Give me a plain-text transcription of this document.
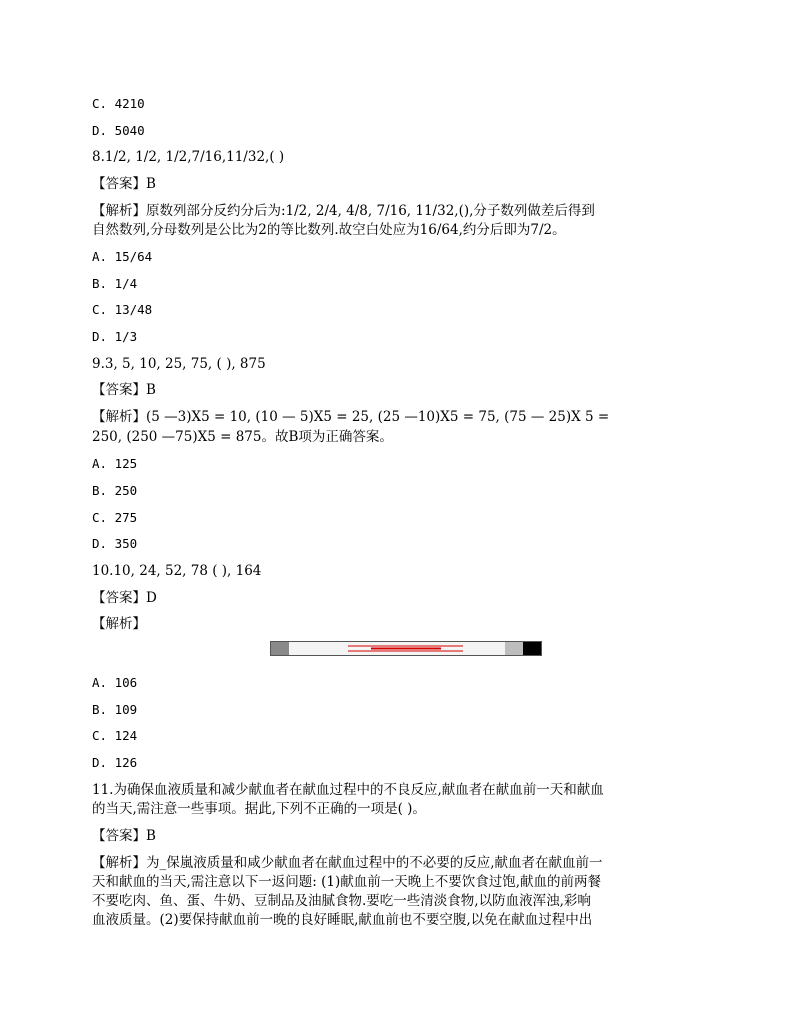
C. 4210
D. 5040
8.1/2, 1/2, 1/2,7/16,11/32,( )
【答案】B
【解析】原数列部分反约分后为:1/2, 2/4, 4/8, 7/16, 11/32,(),分子数列做差后得到
自然数列,分母数列是公比为2的等比数列.故空白处应为16/64,约分后即为7/2。
A. 15/64
B. 1/4
C. 13/48
D. 1/3
9.3, 5, 10, 25, 75, ( ), 875
【答案】B
【解析】(5 —3)X5 = 10, (10 — 5)X5 = 25, (25 —10)X5 = 75, (75 — 25)X 5 =
250, (250 —75)X5 = 875。故B项为正确答案。
A. 125
B. 250
C. 275
D. 350
10.10, 24, 52, 78 ( ), 164
【答案】D
【解析】
A. 106
B. 109
C. 124
D. 126
11.为确保血液质量和减少献血者在献血过程中的不良反应,献血者在献血前一天和献血
的当天,需注意一些事项。据此,下列不正确的一项是( )。
【答案】B
【解析】为_保嵐液质量和咸少献血者在献血过程中的不必要的反应,献血者在献血前一
天和献血的当天,需注意以下一返问题: (1)献血前一天晚上不要饮食过饱,献血的前两餐
不要吃肉、鱼、蛋、牛奶、豆制品及油腻食物.要吃一些清淡食物,以防血液浑浊,彩响
血液质量。(2)要保持献血前一晚的良好睡眠,献血前也不要空腹,以免在献血过程中出
